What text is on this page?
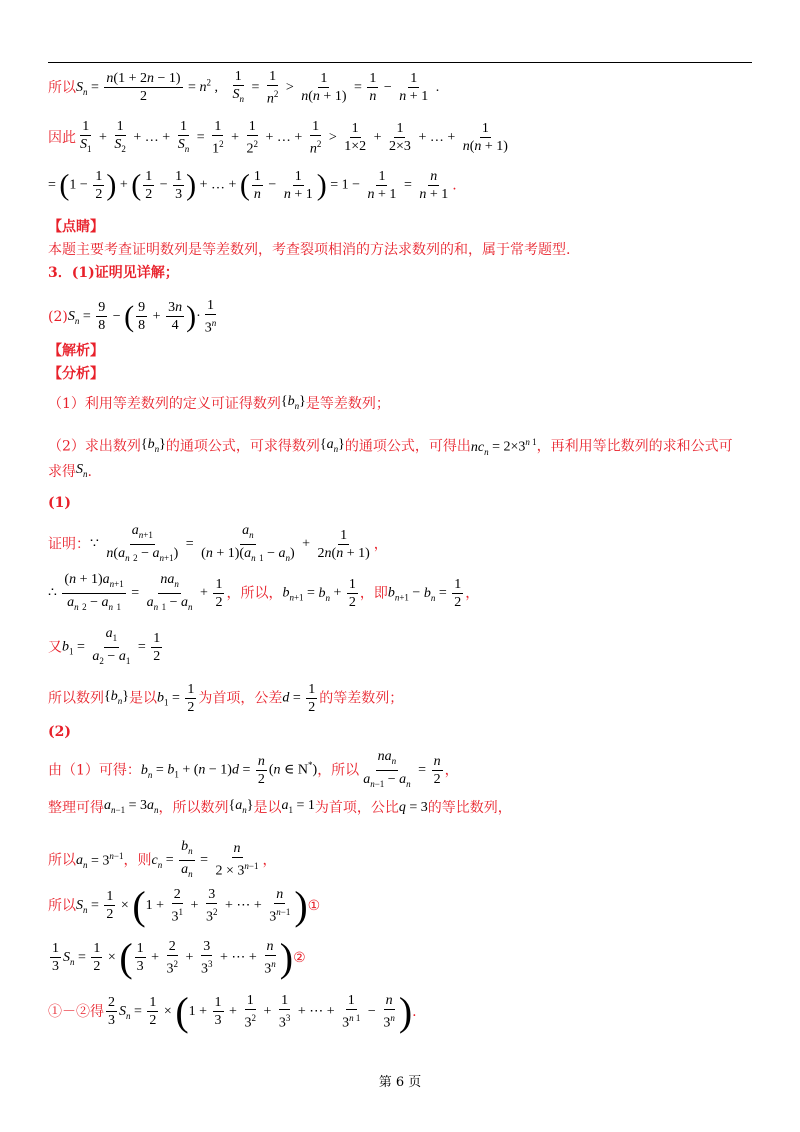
所以$S_n = \frac{n(1 + 2n - 1)}{2} = n^2$ , $\frac{1}{S_n} = \frac{1}{n^2} > \frac{1}{n(n + 1)} = \frac{1}{n} - \frac{1}{n + 1}$ .
因此 $\frac{1}{S_1} + \frac{1}{S_2}$ + … + $\frac{1}{S_n} = \frac{1}{1^2} + \frac{1}{2^2}$ + … + $\frac{1}{n^2} > \frac{1}{1\times 2} + \frac{1}{2\times 3}$ + … + $\frac{1}{n(n + 1)}$
= ($1 - \frac{1}{2}$ ) + ( $\frac{1}{2} - \frac{1}{3}$ ) + … + ( $\frac{1}{n} - \frac{1}{n + 1}$ ) = $1 - \frac{1}{n + 1} = \frac{n}{n + 1}$ .
【点睛】
本题主要考查证明数列是等差数列，考查裂项相消的方法求数列的和，属于常考题型.
3．(1)证明见详解；
$(2)S_n = \frac{9}{8}$ − ( $\frac{9}{8} + \frac{3n}{4}$ )· $\frac{1}{3^n}$
【解析】
【分析】
（1）利用等差数列的定义可证得数列$\{b_n\}$是等差数列；
（2）求出数列$\{b_n\}$的通项公式，可求得数列$\{a_n\}$的通项公式，可得出$nc_n = 2\times 3^{n 1}$，再利用等比数列的求和公式可
求得$S_n$.
(1)
证明：∵ $\frac{a_{n+1}}{n(a_n _2 - a_{n+1})} = \frac{a_n}{(n + 1)(a_n _1 - a_n)} + \frac{1}{2n(n + 1)}$ ，
∴ $\frac{(n + 1)a_{n+1}}{a_n _2 - a_n _1}$ =
$na_n$
$a_n$ $_1 - a_n$
+ $\frac{1}{2}$ ，所以，$b_{n+1} = b_n + \frac{1}{2}$ ，即$b_{n+1} - b_n = \frac{1}{2}$ ，
又$b_1 = \frac{a_1}{a_2 - a_1} = \frac{1}{2}$
所以数列$\{b_n\}$是以$b_1 = \frac{1}{2}$ 为首项，公差$d = \frac{1}{2}$ 的等差数列；
(2)
由（1）可得：$b_n = b_1 + (n - 1)d = \frac{n}{2} (n$ ∈ N*)，所以
$na_n$
$a_{n-1} - a_n$
= $\frac{n}{2}$ ，
整理可得$a_{n-1} = 3a_n$，所以数列$\{a_n\}$是以$a_1 = 1$为首项，公比q = 3的等比数列，
所以$a_n = 3^{n-1}$，则$c_n = \frac{b_n}{a_n} = \frac{n}{2 \times 3^{n-1}}$ ，
所以$S_n = \frac{1}{2} \times (1 + \frac{2}{3^1} + \frac{3}{3^2}$ + ⋯ + $\frac{n}{3^{n-1}}$ )①
$\frac{1}{3} S_n = \frac{1}{2}$ × ( $\frac{1}{3} + \frac{2}{3^2} + \frac{3}{3^3}$ + ⋯ + $\frac{n}{3^n}$ )②
①－②得 $\frac{2}{3} S_n = \frac{1}{2} \times (1 + \frac{1}{3} + \frac{1}{3^2} + \frac{1}{3^3}$ + ⋯ + $\frac{1}{3^{n 1}} - \frac{n}{3^n}$ ).
第 6 页
